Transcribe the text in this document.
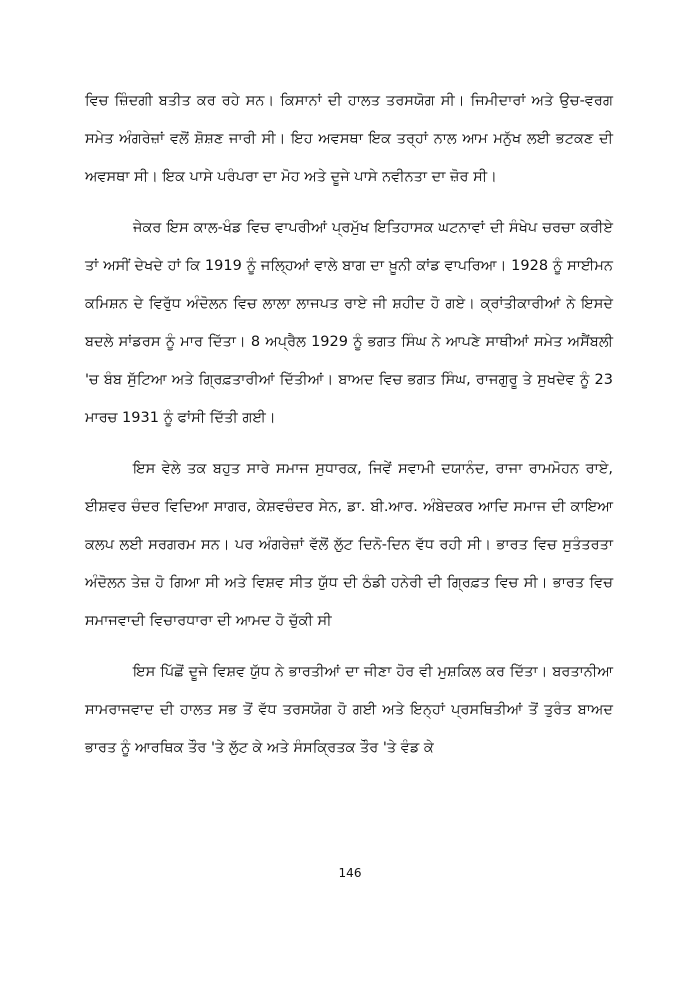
ਵਿਚ ਜ਼ਿੰਦਗੀ ਬਤੀਤ ਕਰ ਰਹੇ ਸਨ। ਕਿਸਾਨਾਂ ਦੀ ਹਾਲਤ ਤਰਸਯੋਗ ਸੀ। ਜਿਮੀਦਾਰਾਂ ਅਤੇ ਉਚ-ਵਰਗ ਸਮੇਤ ਅੰਗਰੇਜ਼ਾਂ ਵਲੋਂ ਸ਼ੋਸ਼ਣ ਜਾਰੀ ਸੀ। ਇਹ ਅਵਸਥਾ ਇਕ ਤਰ੍ਹਾਂ ਨਾਲ ਆਮ ਮਨੁੱਖ ਲਈ ਭਟਕਣ ਦੀ ਅਵਸਥਾ ਸੀ। ਇਕ ਪਾਸੇ ਪਰੰਪਰਾ ਦਾ ਮੋਹ ਅਤੇ ਦੂਜੇ ਪਾਸੇ ਨਵੀਨਤਾ ਦਾ ਜ਼ੋਰ ਸੀ।

ਜੇਕਰ ਇਸ ਕਾਲ-ਖੰਡ ਵਿਚ ਵਾਪਰੀਆਂ ਪ੍ਰਮੁੱਖ ਇਤਿਹਾਸਕ ਘਟਨਾਵਾਂ ਦੀ ਸੰਖੇਪ ਚਰਚਾ ਕਰੀਏ ਤਾਂ ਅਸੀਂ ਦੇਖਦੇ ਹਾਂ ਕਿ 1919 ਨੂੰ ਜਲ੍ਹਿਆਂ ਵਾਲੇ ਬਾਗ ਦਾ ਖ਼ੂਨੀ ਕਾਂਡ ਵਾਪਰਿਆ। 1928 ਨੂੰ ਸਾਈਮਨ ਕਮਿਸ਼ਨ ਦੇ ਵਿਰੁੱਧ ਅੰਦੋਲਨ ਵਿਚ ਲਾਲਾ ਲਾਜਪਤ ਰਾਏ ਜੀ ਸ਼ਹੀਦ ਹੋ ਗਏ। ਕ੍ਰਾਂਤੀਕਾਰੀਆਂ ਨੇ ਇਸਦੇ ਬਦਲੇ ਸਾਂਡਰਸ ਨੂੰ ਮਾਰ ਦਿੱਤਾ। 8 ਅਪ੍ਰੈਲ 1929 ਨੂੰ ਭਗਤ ਸਿੰਘ ਨੇ ਆਪਣੇ ਸਾਥੀਆਂ ਸਮੇਤ ਅਸੈਂਬਲੀ 'ਚ ਬੰਬ ਸੁੱਟਿਆ ਅਤੇ ਗ੍ਰਿਫ਼ਤਾਰੀਆਂ ਦਿੱਤੀਆਂ। ਬਾਅਦ ਵਿਚ ਭਗਤ ਸਿੰਘ, ਰਾਜਗੁਰੂ ਤੇ ਸੁਖਦੇਵ ਨੂੰ 23 ਮਾਰਚ 1931 ਨੂੰ ਫਾਂਸੀ ਦਿੱਤੀ ਗਈ।

ਇਸ ਵੇਲੇ ਤਕ ਬਹੁਤ ਸਾਰੇ ਸਮਾਜ ਸੁਧਾਰਕ, ਜਿਵੇਂ ਸਵਾਮੀ ਦਯਾਨੰਦ, ਰਾਜਾ ਰਾਮਮੋਹਨ ਰਾਏ, ਈਸ਼ਵਰ ਚੰਦਰ ਵਿਦਿਆ ਸਾਗਰ, ਕੇਸ਼ਵਚੰਦਰ ਸੇਨ, ਡਾ. ਬੀ.ਆਰ. ਅੰਬੇਦਕਰ ਆਦਿ ਸਮਾਜ ਦੀ ਕਾਇਆ ਕਲਪ ਲਈ ਸਰਗਰਮ ਸਨ। ਪਰ ਅੰਗਰੇਜ਼ਾਂ ਵੱਲੋਂ ਲੁੱਟ ਦਿਨੋ-ਦਿਨ ਵੱਧ ਰਹੀ ਸੀ। ਭਾਰਤ ਵਿਚ ਸੁਤੰਤਰਤਾ ਅੰਦੋਲਨ ਤੇਜ਼ ਹੋ ਗਿਆ ਸੀ ਅਤੇ ਵਿਸ਼ਵ ਸੀਤ ਯੁੱਧ ਦੀ ਠੰਡੀ ਹਨੇਰੀ ਦੀ ਗ੍ਰਿਫ਼ਤ ਵਿਚ ਸੀ। ਭਾਰਤ ਵਿਚ ਸਮਾਜਵਾਦੀ ਵਿਚਾਰਧਾਰਾ ਦੀ ਆਮਦ ਹੋ ਚੁੱਕੀ ਸੀ

ਇਸ ਪਿੱਛੋਂ ਦੂਜੇ ਵਿਸ਼ਵ ਯੁੱਧ ਨੇ ਭਾਰਤੀਆਂ ਦਾ ਜੀਣਾ ਹੋਰ ਵੀ ਮੁਸ਼ਕਿਲ ਕਰ ਦਿੱਤਾ। ਬਰਤਾਨੀਆ ਸਾਮਰਾਜਵਾਦ ਦੀ ਹਾਲਤ ਸਭ ਤੋਂ ਵੱਧ ਤਰਸਯੋਗ ਹੋ ਗਈ ਅਤੇ ਇਨ੍ਹਾਂ ਪ੍ਰਸਥਿਤੀਆਂ ਤੋਂ ਤੁਰੰਤ ਬਾਅਦ ਭਾਰਤ ਨੂੰ ਆਰਥਿਕ ਤੌਰ 'ਤੇ ਲੁੱਟ ਕੇ ਅਤੇ ਸੰਸਕ੍ਰਿਤਕ ਤੌਰ 'ਤੇ ਵੰਡ ਕੇ

146
